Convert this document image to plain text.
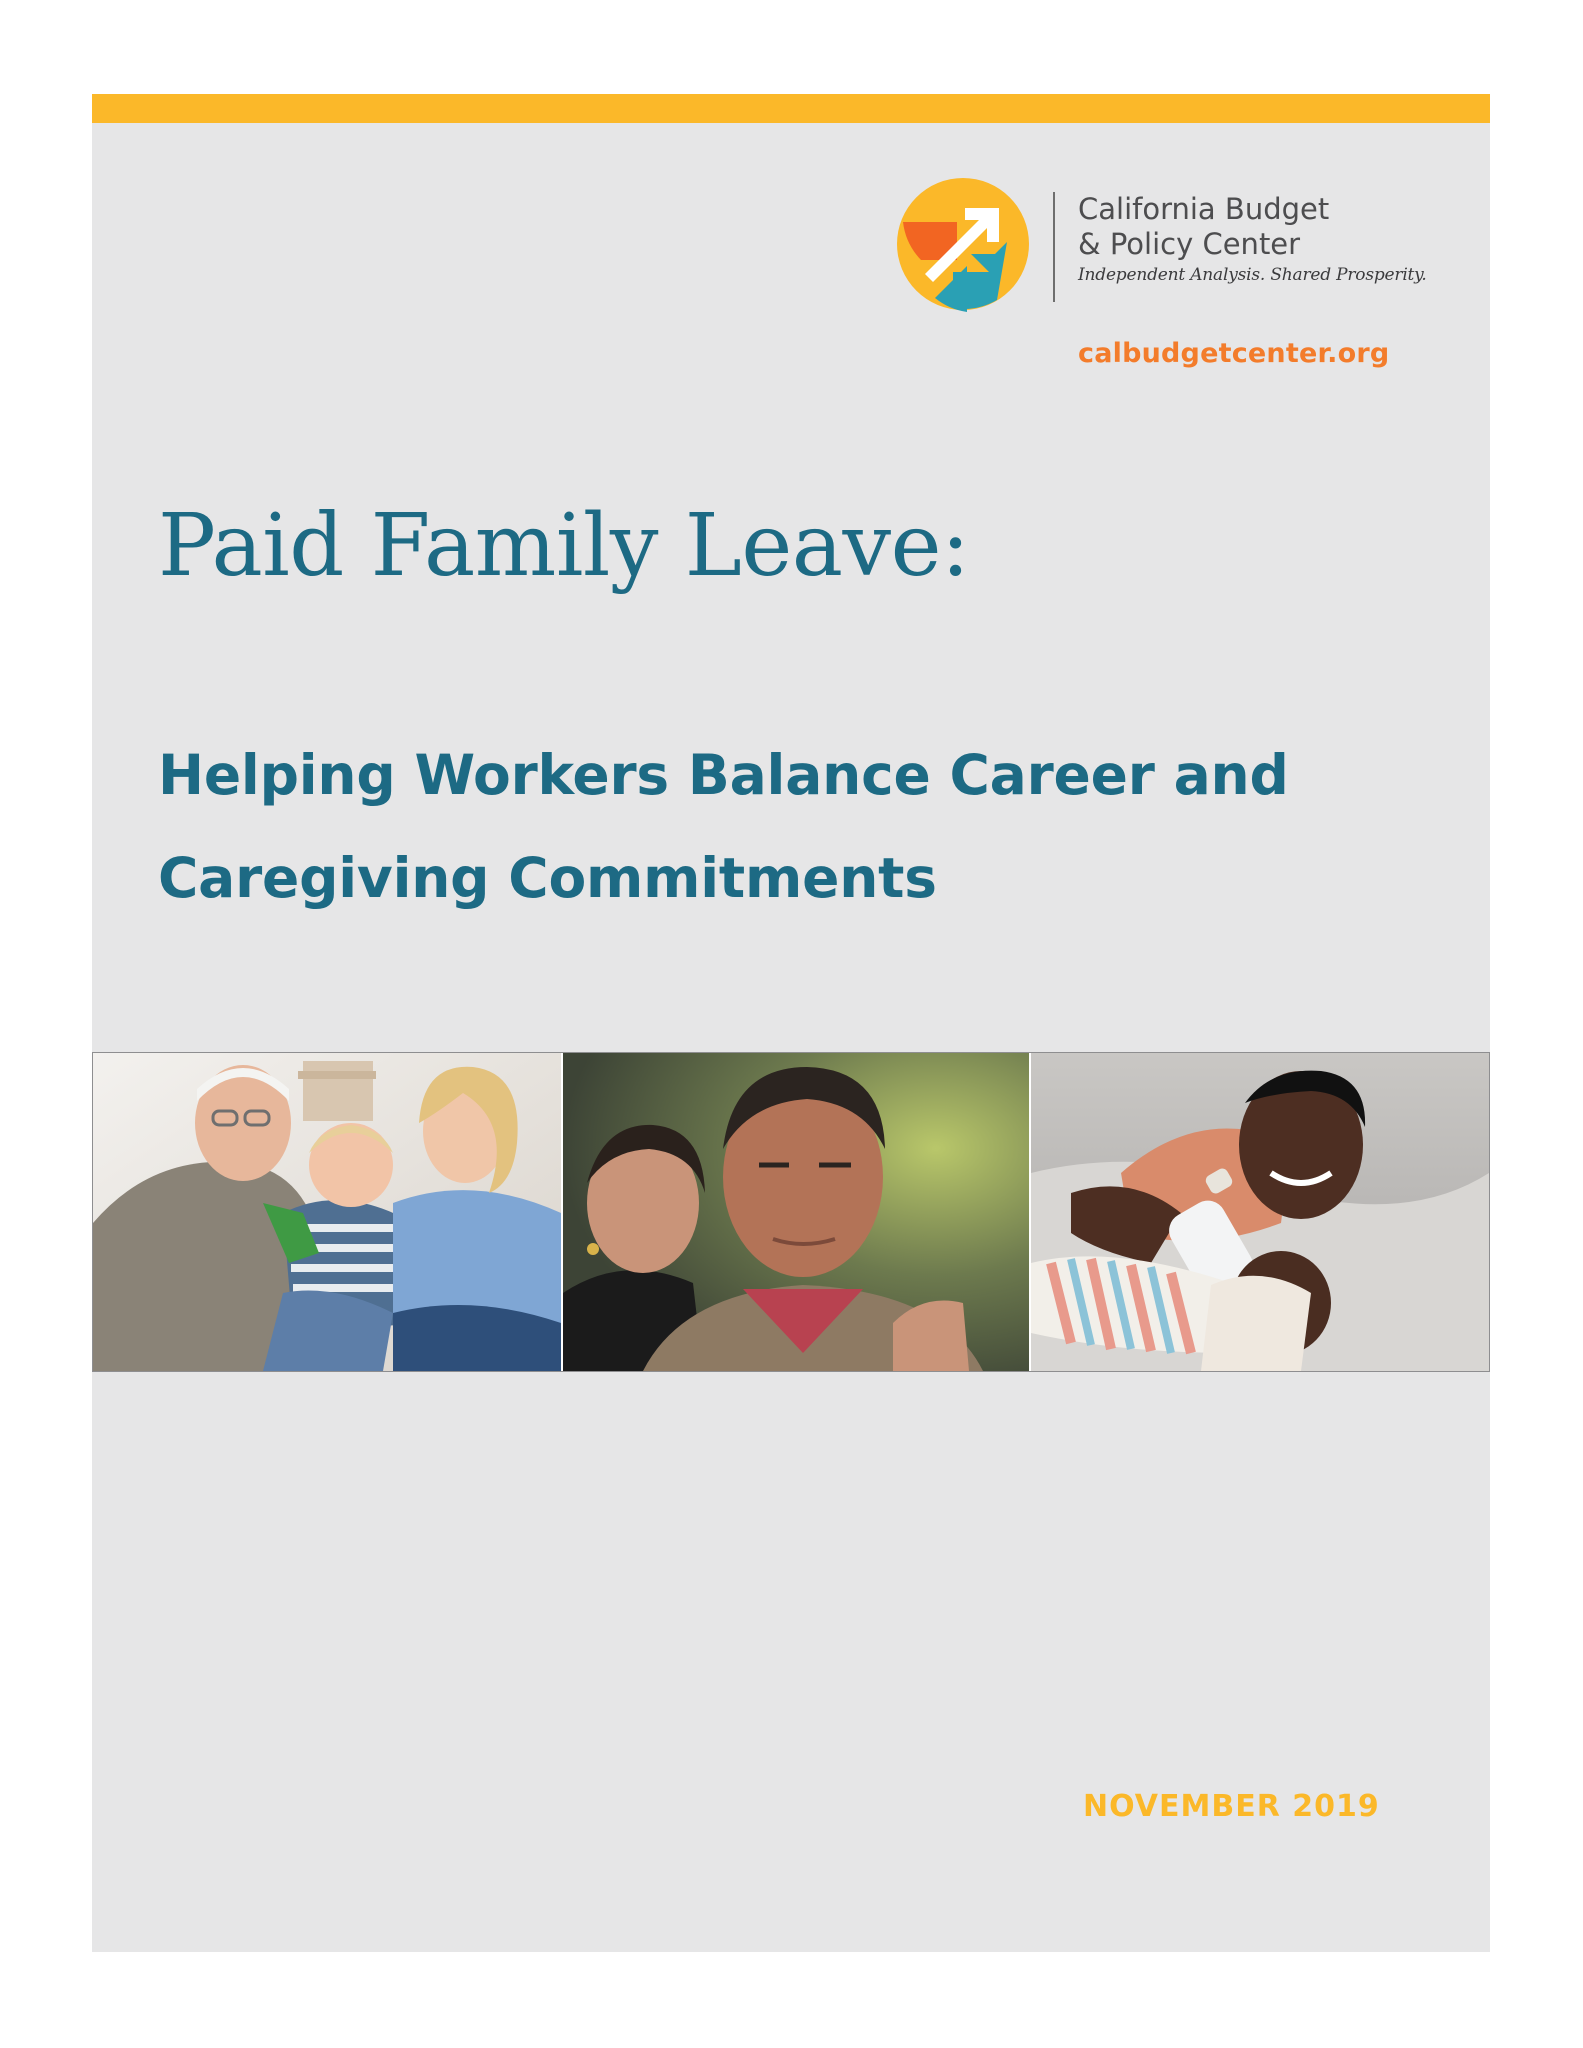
California Budget
& Policy Center
Independent Analysis. Shared Prosperity.
calbudgetcenter.org
Paid Family Leave:
Helping Workers Balance Career and Caregiving Commitments
NOVEMBER 2019
